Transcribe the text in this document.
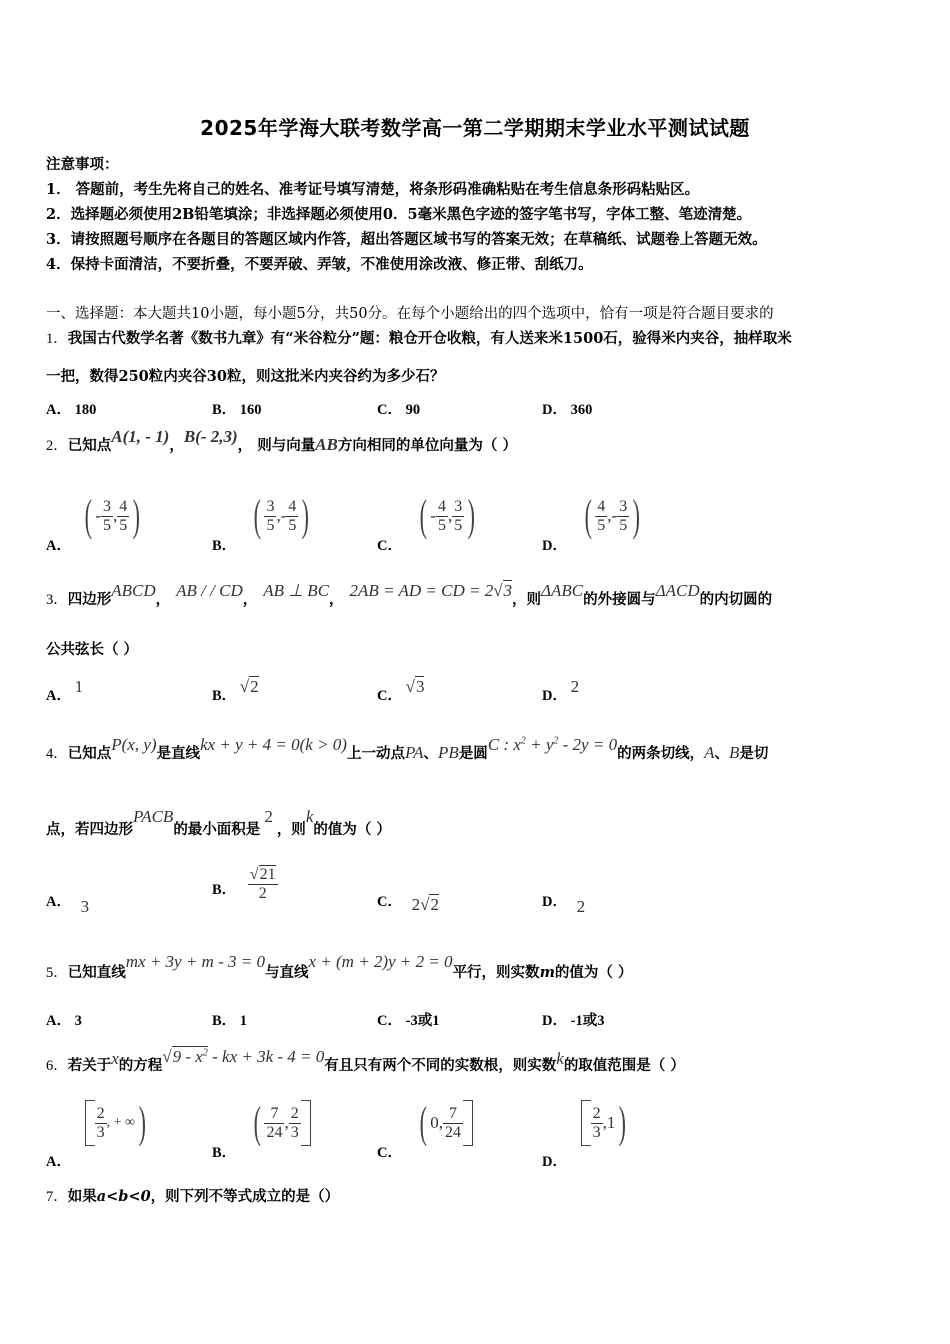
2025年学海大联考数学高一第二学期期末学业水平测试试题
注意事项：
1． 答题前，考生先将自己的姓名、准考证号填写清楚，将条形码准确粘贴在考生信息条形码粘贴区。
2．选择题必须使用2B铅笔填涂；非选择题必须使用0．5毫米黑色字迹的签字笔书写，字体工整、笔迹清楚。
3．请按照题号顺序在各题目的答题区域内作答，超出答题区域书写的答案无效；在草稿纸、试题卷上答题无效。
4．保持卡面清洁，不要折叠，不要弄破、弄皱，不准使用涂改液、修正带、刮纸刀。
一、选择题：本大题共10小题，每小题5分，共50分。在每个小题给出的四个选项中，恰有一项是符合题目要求的
1．我国古代数学名著《数书九章》有“米谷粒分”题：粮仓开仓收粮，有人送来米1500石，验得米内夹谷，抽样取米
一把，数得250粒内夹谷30粒，则这批米内夹谷约为多少石？
A． 180	B． 160	C． 90	D． 360
2．已知点A(1, - 1)，B(- 2,3)， 则与向量AB方向相同的单位向量为（ ）
A．
( - $\frac{3}{5}$ , $\frac{4}{5}$ )
B．
( $\frac{3}{5}$ , - $\frac{4}{5}$ )
C．
( - $\frac{4}{5}$ , $\frac{3}{5}$ )
D．
( $\frac{4}{5}$ , - $\frac{3}{5}$ )
3．四边形ABCD， AB / / CD， AB ⊥ BC， 2AB = AD = CD = 2√3，则ΔABC的外接圆与ΔACD的内切圆的
公共弦长（ ）
A． 1	B． √2	C． √3	D． 2
4．已知点P(x, y)是直线kx + y + 4 = 0(k > 0)上一动点PA、PB是圆C : $x^2 + y^2 - 2y = 0$的两条切线，A、B是切
点，若四边形PACB的最小面积是2，则k的值为（ ）
A． 3
B． $\frac{√21}{2}$	C． 2√2	D． 2
5．已知直线mx + 3y + m - 3 = 0与直线x + (m + 2)y + 2 = 0平行，则实数m的值为（ ）
A． 3	B． 1	C． -3或1	D． -1或3
6．若关于x的方程$√9 - x^2$ - kx + 3k - 4 = 0有且只有两个不同的实数根，则实数k的取值范围是（ ）
A．
$\frac{2}{3}$ , + ∞ )
B．
( $\frac{7}{24}$ , $\frac{2}{3}$
C．
( 0, $\frac{7}{24}$
D．
$\frac{2}{3} ,1$ )
7．如果a<b<0，则下列不等式成立的是（）
